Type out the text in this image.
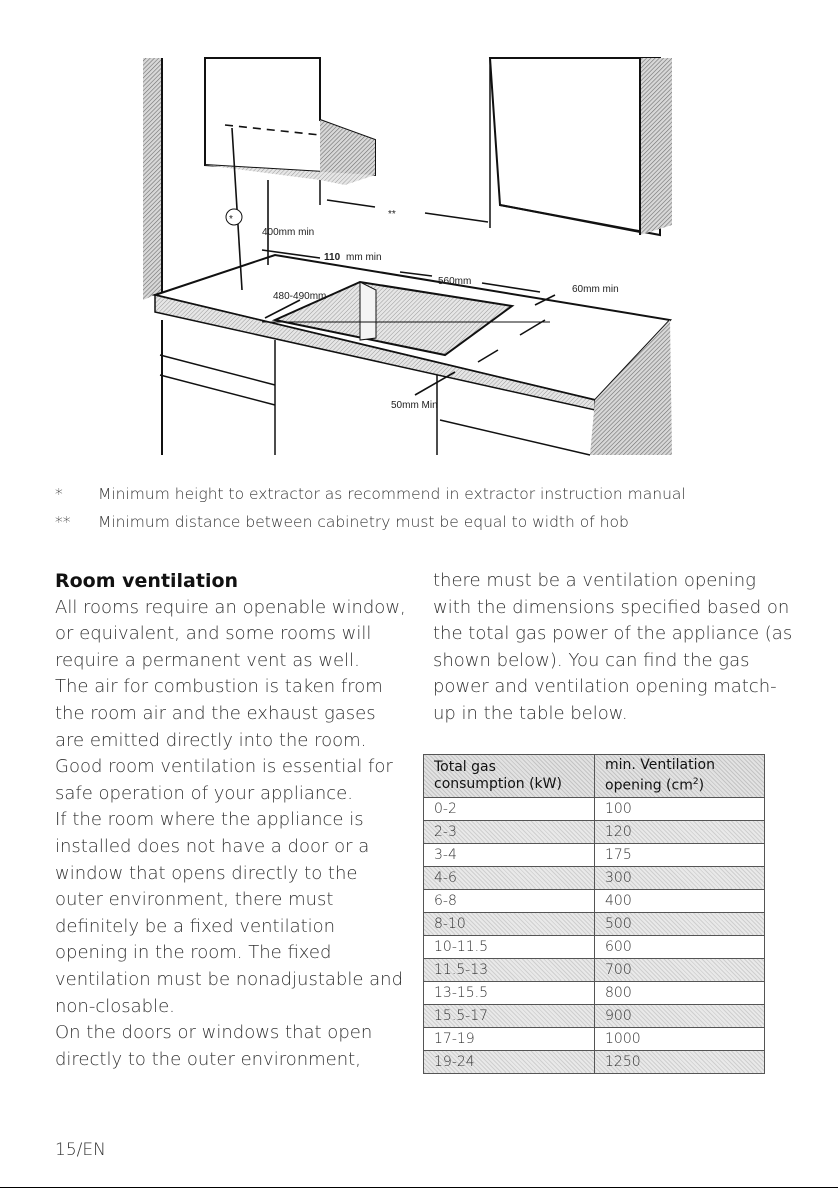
*	**
400mm min
110 mm min
560mm
480-490mm
60mm min
50mm Min
* Minimum height to extractor as recommend in extractor instruction manual
** Minimum distance between cabinetry must be equal to width of hob

Room ventilation

All rooms require an openable window, or equivalent, and some rooms will require a permanent vent as well.

The air for combustion is taken from the room air and the exhaust gases are emitted directly into the room.

Good room ventilation is essential for safe operation of your appliance.

If the room where the appliance is installed does not have a door or a window that opens directly to the outer environment, there must definitely be a fixed ventilation opening in the room. The fixed ventilation must be nonadjustable and non-closable.

On the doors or windows that open directly to the outer environment,

there must be a ventilation opening with the dimensions specified based on the total gas power of the appliance (as shown below). You can find the gas power and ventilation opening match-up in the table below.

Total gas
consumption (kW)	min. Ventilation
opening $(cm^2)$
0-2	100
2-3	120
3-4	175
4-6	300
6-8	400
8-10	500
10-11.5	600
11.5-13	700
13-15.5	800
15.5-17	900
17-19	1000
19-24	1250
15/EN
